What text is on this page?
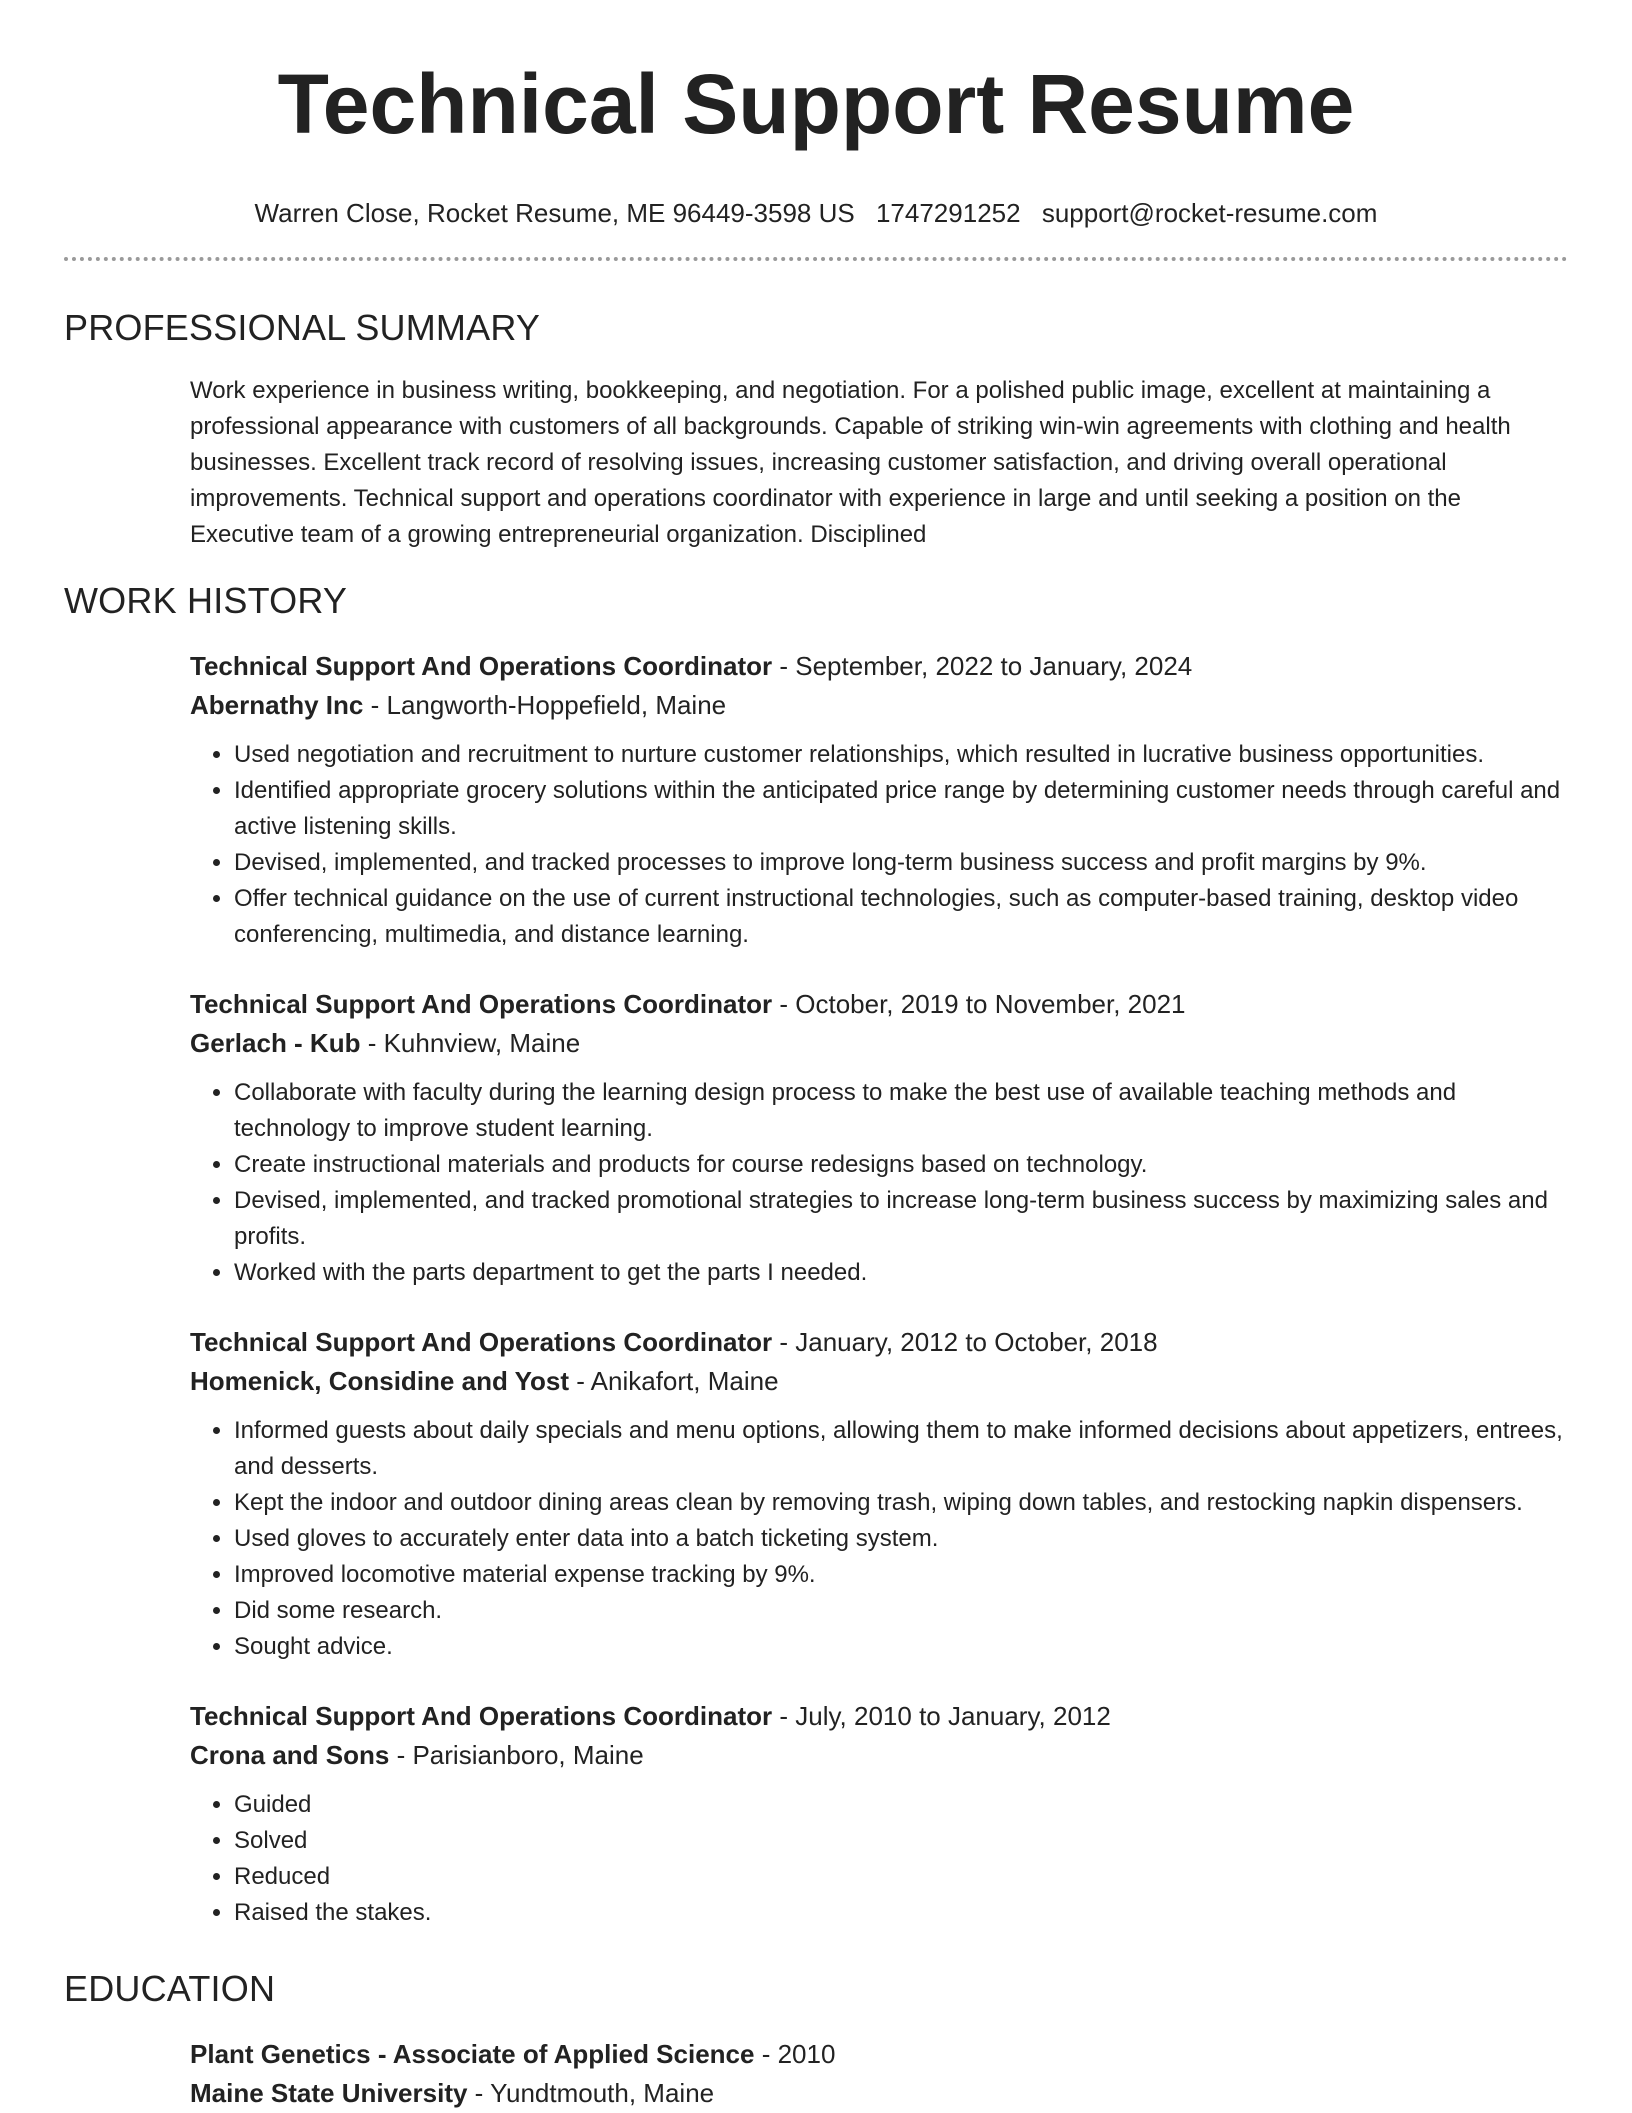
Technical Support Resume
Warren Close, Rocket Resume, ME 96449-3598 US 1747291252 support@rocket-resume.com
PROFESSIONAL SUMMARY

Work experience in business writing, bookkeeping, and negotiation. For a polished public image, excellent at maintaining a professional appearance with customers of all backgrounds. Capable of striking win-win agreements with clothing and health businesses. Excellent track record of resolving issues, increasing customer satisfaction, and driving overall operational improvements. Technical support and operations coordinator with experience in large and until seeking a position on the Executive team of a growing entrepreneurial organization. Disciplined

WORK HISTORY
Technical Support And Operations Coordinator - September, 2022 to January, 2024
Abernathy Inc - Langworth-Hoppefield, Maine
• Used negotiation and recruitment to nurture customer relationships, which resulted in lucrative business opportunities.
• Identified appropriate grocery solutions within the anticipated price range by determining customer needs through careful and active listening skills.
• Devised, implemented, and tracked processes to improve long-term business success and profit margins by 9%.
• Offer technical guidance on the use of current instructional technologies, such as computer-based training, desktop video conferencing, multimedia, and distance learning.
Technical Support And Operations Coordinator - October, 2019 to November, 2021
Gerlach - Kub - Kuhnview, Maine
• Collaborate with faculty during the learning design process to make the best use of available teaching methods and technology to improve student learning.
• Create instructional materials and products for course redesigns based on technology.
• Devised, implemented, and tracked promotional strategies to increase long-term business success by maximizing sales and profits.
• Worked with the parts department to get the parts I needed.
Technical Support And Operations Coordinator - January, 2012 to October, 2018
Homenick, Considine and Yost - Anikafort, Maine
• Informed guests about daily specials and menu options, allowing them to make informed decisions about appetizers, entrees, and desserts.
• Kept the indoor and outdoor dining areas clean by removing trash, wiping down tables, and restocking napkin dispensers.
• Used gloves to accurately enter data into a batch ticketing system.
• Improved locomotive material expense tracking by 9%.
• Did some research.
• Sought advice.
Technical Support And Operations Coordinator - July, 2010 to January, 2012
Crona and Sons - Parisianboro, Maine
• Guided
• Solved
• Reduced
• Raised the stakes.
EDUCATION
Plant Genetics - Associate of Applied Science - 2010
Maine State University - Yundtmouth, Maine
